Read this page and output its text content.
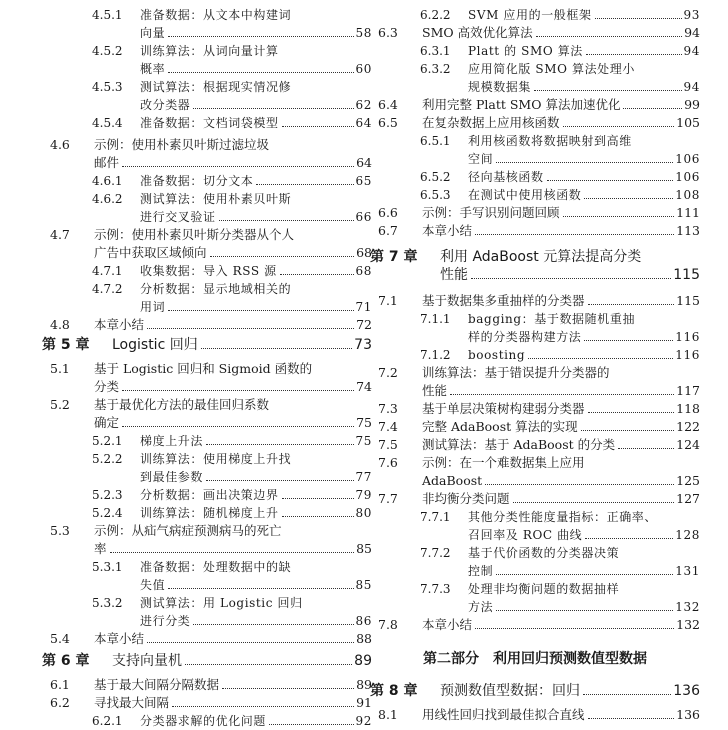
4.5.1 准备数据：从文本中构建词
向量	58
4.5.2 训练算法：从词向量计算
概率	60
4.5.3 测试算法：根据现实情况修
改分类器	62
4.5.4 准备数据：文档词袋模型	64
4.6 示例：使用朴素贝叶斯过滤垃圾
邮件	64
4.6.1 准备数据：切分文本	65
4.6.2 测试算法：使用朴素贝叶斯
进行交叉验证	66
4.7 示例：使用朴素贝叶斯分类器从个人
广告中获取区域倾向	68
4.7.1 收集数据：导入 RSS 源	68
4.7.2 分析数据：显示地域相关的
用词	71
4.8 本章小结	72
第 5 章 Logistic 回归	73
5.1 基于 Logistic 回归和 Sigmoid 函数的
分类	74
5.2 基于最优化方法的最佳回归系数
确定	75
5.2.1 梯度上升法	75
5.2.2 训练算法：使用梯度上升找
到最佳参数	77
5.2.3 分析数据：画出决策边界	79
5.2.4 训练算法：随机梯度上升	80
5.3 示例：从疝气病症预测病马的死亡
率	85
5.3.1 准备数据：处理数据中的缺
失值	85
5.3.2 测试算法：用 Logistic 回归
进行分类	86
5.4 本章小结	88
第 6 章 支持向量机	89
6.1 基于最大间隔分隔数据	89
6.2 寻找最大间隔	91
6.2.1 分类器求解的优化问题	92
6.2.2 SVM 应用的一般框架	93
6.3 SMO 高效优化算法	94
6.3.1 Platt 的 SMO 算法	94
6.3.2 应用简化版 SMO 算法处理小
规模数据集	94
6.4 利用完整 Platt SMO 算法加速优化	99
6.5 在复杂数据上应用核函数	105
6.5.1 利用核函数将数据映射到高维
空间	106
6.5.2 径向基核函数	106
6.5.3 在测试中使用核函数	108
6.6 示例：手写识别问题回顾	111
6.7 本章小结	113
第 7 章 利用 AdaBoost 元算法提高分类
性能	115
7.1 基于数据集多重抽样的分类器	115
7.1.1 bagging：基于数据随机重抽
样的分类器构建方法	116
7.1.2 boosting	116
7.2 训练算法：基于错误提升分类器的
性能	117
7.3 基于单层决策树构建弱分类器	118
7.4 完整 AdaBoost 算法的实现	122
7.5 测试算法：基于 AdaBoost 的分类	124
7.6 示例：在一个难数据集上应用
AdaBoost	125
7.7 非均衡分类问题	127
7.7.1 其他分类性能度量指标：正确率、
召回率及 ROC 曲线	128
7.7.2 基于代价函数的分类器决策
控制	131
7.7.3 处理非均衡问题的数据抽样
方法	132
7.8 本章小结	132
第二部分　利用回归预测数值型数据
第 8 章 预测数值型数据：回归	136
8.1 用线性回归找到最佳拟合直线	136
